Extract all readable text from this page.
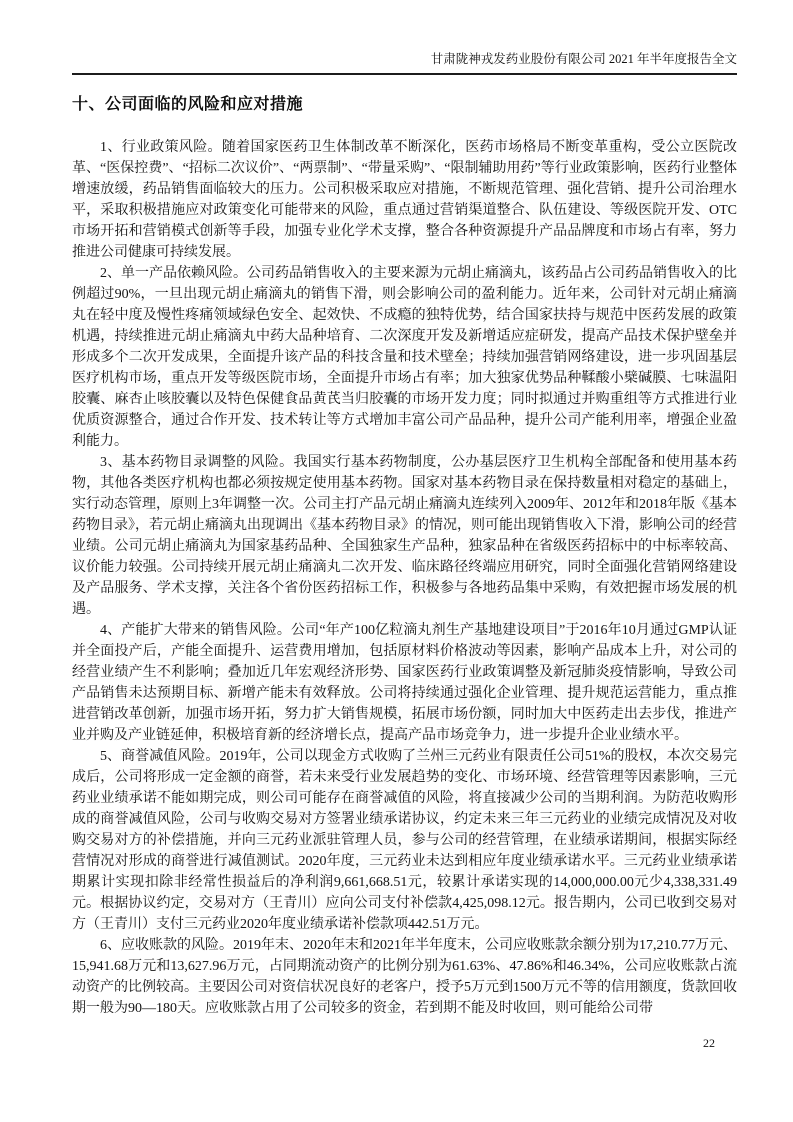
甘肃陇神戎发药业股份有限公司 2021 年半年度报告全文
十、公司面临的风险和应对措施

1、行业政策风险。随着国家医药卫生体制改革不断深化，医药市场格局不断变革重构，受公立医院改革、“医保控费”、“招标二次议价”、“两票制”、“带量采购”、“限制辅助用药”等行业政策影响，医药行业整体增速放缓，药品销售面临较大的压力。公司积极采取应对措施，不断规范管理、强化营销、提升公司治理水平，采取积极措施应对政策变化可能带来的风险，重点通过营销渠道整合、队伍建设、等级医院开发、OTC市场开拓和营销模式创新等手段，加强专业化学术支撑，整合各种资源提升产品品牌度和市场占有率，努力推进公司健康可持续发展。

2、单一产品依赖风险。公司药品销售收入的主要来源为元胡止痛滴丸，该药品占公司药品销售收入的比例超过90%，一旦出现元胡止痛滴丸的销售下滑，则会影响公司的盈利能力。近年来，公司针对元胡止痛滴丸在轻中度及慢性疼痛领域绿色安全、起效快、不成瘾的独特优势，结合国家扶持与规范中医药发展的政策机遇，持续推进元胡止痛滴丸中药大品种培育、二次深度开发及新增适应症研发，提高产品技术保护壁垒并形成多个二次开发成果，全面提升该产品的科技含量和技术壁垒；持续加强营销网络建设，进一步巩固基层医疗机构市场，重点开发等级医院市场，全面提升市场占有率；加大独家优势品种鞣酸小檗碱膜、七味温阳胶囊、麻杏止咳胶囊以及特色保健食品黄芪当归胶囊的市场开发力度；同时拟通过并购重组等方式推进行业优质资源整合，通过合作开发、技术转让等方式增加丰富公司产品品种，提升公司产能利用率，增强企业盈利能力。

3、基本药物目录调整的风险。我国实行基本药物制度，公办基层医疗卫生机构全部配备和使用基本药物，其他各类医疗机构也都必须按规定使用基本药物。国家对基本药物目录在保持数量相对稳定的基础上，实行动态管理，原则上3年调整一次。公司主打产品元胡止痛滴丸连续列入2009年、2012年和2018年版《基本药物目录》，若元胡止痛滴丸出现调出《基本药物目录》的情况，则可能出现销售收入下滑，影响公司的经营业绩。公司元胡止痛滴丸为国家基药品种、全国独家生产品种，独家品种在省级医药招标中的中标率较高、议价能力较强。公司持续开展元胡止痛滴丸二次开发、临床路径终端应用研究，同时全面强化营销网络建设及产品服务、学术支撑，关注各个省份医药招标工作，积极参与各地药品集中采购，有效把握市场发展的机遇。

4、产能扩大带来的销售风险。公司“年产100亿粒滴丸剂生产基地建设项目”于2016年10月通过GMP认证并全面投产后，产能全面提升、运营费用增加，包括原材料价格波动等因素，影响产品成本上升，对公司的经营业绩产生不利影响；叠加近几年宏观经济形势、国家医药行业政策调整及新冠肺炎疫情影响，导致公司产品销售未达预期目标、新增产能未有效释放。公司将持续通过强化企业管理、提升规范运营能力，重点推进营销改革创新，加强市场开拓，努力扩大销售规模，拓展市场份额，同时加大中医药走出去步伐，推进产业并购及产业链延伸，积极培育新的经济增长点，提高产品市场竞争力，进一步提升企业业绩水平。

5、商誉减值风险。2019年，公司以现金方式收购了兰州三元药业有限责任公司51%的股权，本次交易完成后，公司将形成一定金额的商誉，若未来受行业发展趋势的变化、市场环境、经营管理等因素影响，三元药业业绩承诺不能如期完成，则公司可能存在商誉减值的风险，将直接减少公司的当期利润。为防范收购形成的商誉减值风险，公司与收购交易对方签署业绩承诺协议，约定未来三年三元药业的业绩完成情况及对收购交易对方的补偿措施，并向三元药业派驻管理人员，参与公司的经营管理，在业绩承诺期间，根据实际经营情况对形成的商誉进行减值测试。2020年度，三元药业未达到相应年度业绩承诺水平。三元药业业绩承诺期累计实现扣除非经常性损益后的净利润9,661,668.51元，较累计承诺实现的14,000,000.00元少4,338,331.49元。根据协议约定，交易对方（王青川）应向公司支付补偿款4,425,098.12元。报告期内，公司已收到交易对方（王青川）支付三元药业2020年度业绩承诺补偿款项442.51万元。

6、应收账款的风险。2019年末、2020年末和2021年半年度末，公司应收账款余额分别为17,210.77万元、15,941.68万元和13,627.96万元，占同期流动资产的比例分别为61.63%、47.86%和46.34%，公司应收账款占流动资产的比例较高。主要因公司对资信状况良好的老客户，授予5万元到1500万元不等的信用额度，货款回收期一般为90—180天。应收账款占用了公司较多的资金，若到期不能及时收回，则可能给公司带

22
